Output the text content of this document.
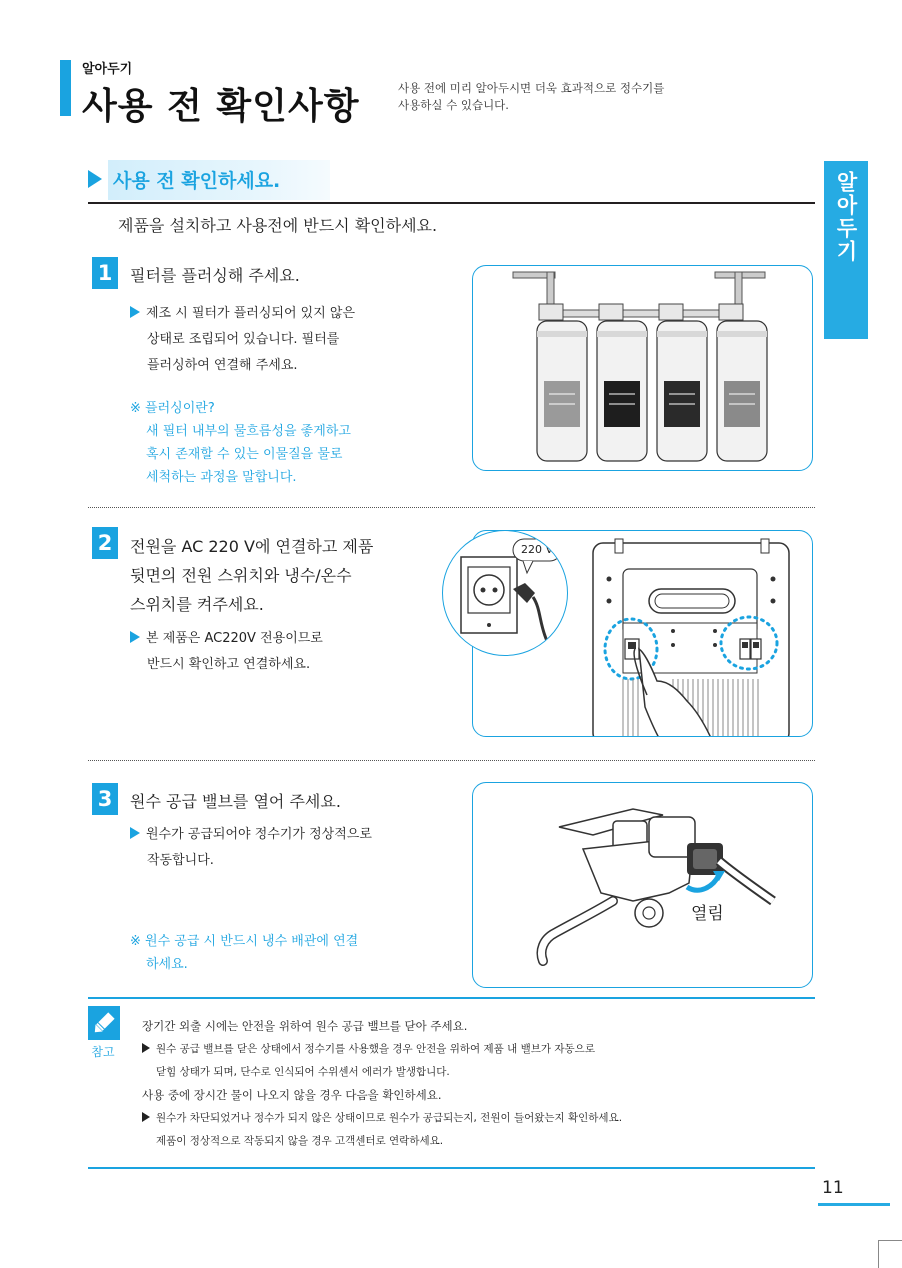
알아두기
사용 전 확인사항	사용 전에 미리 알아두시면 더욱 효과적으로 정수기를
사용하실 수 있습니다.
알아두기
사용 전 확인하세요.
제품을 설치하고 사용전에 반드시 확인하세요.
1	필터를 플러싱해 주세요.
제조 시 필터가 플러싱되어 있지 않은
상태로 조립되어 있습니다. 필터를
플러싱하여 연결해 주세요.
※ 플러싱이란?
새 필터 내부의 물흐름성을 좋게하고
혹시 존재할 수 있는 이물질을 물로
세척하는 과정을 말합니다.
2	전원을 AC 220 V에 연결하고 제품
뒷면의 전원 스위치와 냉수/온수
스위치를 켜주세요.
본 제품은 AC220V 전용이므로
반드시 확인하고 연결하세요.
220 V
3	원수 공급 밸브를 열어 주세요.
원수가 공급되어야 정수기가 정상적으로
작동합니다.
※ 원수 공급 시 반드시 냉수 배관에 연결
하세요.
열림
참고
장기간 외출 시에는 안전을 위하여 원수 공급 밸브를 닫아 주세요.
원수 공급 밸브를 닫은 상태에서 정수기를 사용했을 경우 안전을 위하여 제품 내 밸브가 자동으로
닫힘 상태가 되며, 단수로 인식되어 수위센서 에러가 발생합니다.
사용 중에 장시간 물이 나오지 않을 경우 다음을 확인하세요.
원수가 차단되었거나 정수가 되지 않은 상태이므로 원수가 공급되는지, 전원이 들어왔는지 확인하세요.
제품이 정상적으로 작동되지 않을 경우 고객센터로 연락하세요.
11
